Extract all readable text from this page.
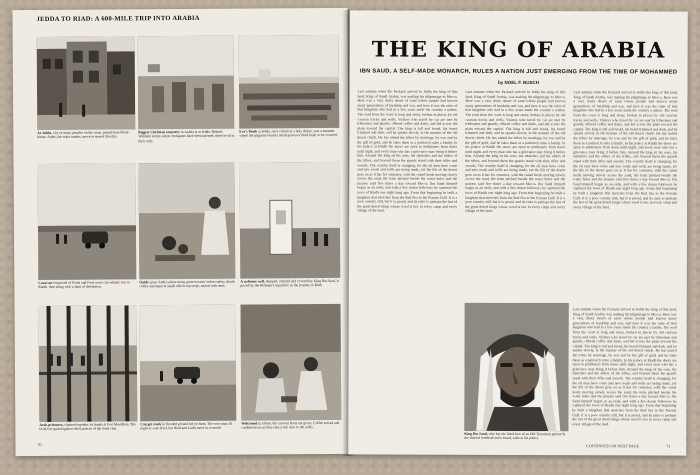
JEDDA TO RIAD: A 600-MILE TRIP INTO ARABIA
At Jedda, city of many peoples on the coast, people here blend hither. Arabs, the main traders, move to streets like this.
Biggest Christian cemetery in Arabia is at Jedda. Behind, Wahhabi stones where foreigners have been interred, these local in their cells.
Eve's Tomb at Jedda, once closed as a holy shrine, was a moment where the pilgrims found a small prison of dead built, to be covered.
Caravan composed of Fords and Ford cross city-wheels city to Riadh, then along took a faint of desolation.
Guide (your Arab) whose many protectorates' orders safety, drank coffee and squat at small which trip stops, mixed with tents.
A welcome well, dumped, resisted and covered by King Ibn Saud, is prized by the Bedouin's sepulchre as the journey to Riad.
Arab prisoners, chained together, sit hands at Fort Murabbaa. The local fort guard against rebel princes of the Saud clan.
Can get stuck in flooded ground led on farm. The wise man all night to wait-level, but Riad and Ludis more in to mend.
Welcomed in Jabrin, the caravan hosts are given. Coffee served and cardamom tea as they take a rest next to the wells.
70
THE KING OF ARABIA
IBN SAUD, A SELF-MADE MONARCH, RULES A NATION JUST EMERGING FROM THE TIME OF MOHAMMED
by NOEL F. BUSCH
Last autumn when the Packard arrived in Jedda the king of this land, King of Saudi Arabia, was making his pilgrimage to Mecca. Here was a vast, dusty desert of sand whose people had known many generations of hardship and war, and here it was the ruler of that kingdom who had in a few years made his country a nation. The road from the coast is long and stony, broken in places by old caravan tracks and wells. Visitors who travel by car are met by tribesmen and guards, offered coffee and dates, and led across the plain toward the capital. The king is tall and broad, his beard trimmed and dark, and he speaks slowly, in the manner of the old desert chiefs. He has united the tribes by marriage, by war and by the gift of gold, and he rules them as a patriarch rules a family. In his palace at Riadh the doors are open to petitioners from dawn until night, and every man who has a grievance may bring it before him. Around the king sit his sons, his ministers and the elders of the tribes, and beyond them the guards stand with their rifles and swords. The country itself is changing, for the oil men have come and new roads and wells are being made, yet the life of the desert goes on as it has for centuries, with the camel herds moving slowly across the sand, the tents pitched beside the water holes and the prayers said five times a day toward Mecca. Ibn Saud himself began as an exile, and with a few dozen followers he captured the town of Riadh one night long ago. From that beginning he built a kingdom that stretches from the Red Sea to the Persian Gulf. It is a poor country still, but it is proud, and its ruler is perhaps the last of the great desert kings whose word is law in every camp and every village of the land.
Last autumn when the Packard arrived in Jedda the king of this land, King of Saudi Arabia, was making his pilgrimage to Mecca. Here was a vast, dusty desert of sand whose people had known many generations of hardship and war, and here it was the ruler of that kingdom who had in a few years made his country a nation. The road from the coast is long and stony, broken in places by old caravan tracks and wells. Visitors who travel by car are met by tribesmen and guards, offered coffee and dates, and led across the plain toward the capital. The king is tall and broad, his beard trimmed and dark, and he speaks slowly, in the manner of the old desert chiefs. He has united the tribes by marriage, by war and by the gift of gold, and he rules them as a patriarch rules a family. In his palace at Riadh the doors are open to petitioners from dawn until night, and every man who has a grievance may bring it before him. Around the king sit his sons, his ministers and the elders of the tribes, and beyond them the guards stand with their rifles and swords. The country itself is changing, for the oil men have come and new roads and wells are being made, yet the life of the desert goes on as it has for centuries, with the camel herds moving slowly across the sand, the tents pitched beside the water holes and the prayers said five times a day toward Mecca. Ibn Saud himself began as an exile, and with a few dozen followers he captured the town of Riadh one night long ago. From that beginning he built a kingdom that stretches from the Red Sea to the Persian Gulf. It is a poor country still, but it is proud, and its ruler is perhaps the last of the great desert kings whose word is law in every camp and every village of the land.
Last autumn when the Packard arrived in Jedda the king of this land, King of Saudi Arabia, was making his pilgrimage to Mecca. Here was a vast, dusty desert of sand whose people had known many generations of hardship and war, and here it was the ruler of that kingdom who had in a few years made his country a nation. The road from the coast is long and stony, broken in places by old caravan tracks and wells. Visitors who travel by car are met by tribesmen and guards, offered coffee and dates, and led across the plain toward the capital. The king is tall and broad, his beard trimmed and dark, and he speaks slowly, in the manner of the old desert chiefs. He has united the tribes by marriage, by war and by the gift of gold, and he rules them as a patriarch rules a family. In his palace at Riadh the doors are open to petitioners from dawn until night, and every man who has a grievance may bring it before him. Around the king sit his sons, his ministers and the elders of the tribes, and beyond them the guards stand with their rifles and swords. The country itself is changing, for the oil men have come and new roads and wells are being made, yet the life of the desert goes on as it has for centuries, with the camel herds moving slowly across the sand, the tents pitched beside the water holes and the prayers said five times a day toward Mecca. Ibn Saud himself began as an exile, and with a few dozen followers he captured the town of Riadh one night long ago. From that beginning he built a kingdom that stretches from the Red Sea to the Persian Gulf. It is a poor country still, but it is proud, and its ruler is perhaps the last of the great desert kings whose word is law in every camp and every village of the land.
Last autumn when the Packard arrived in Jedda the king of this land, King of Saudi Arabia, was making his pilgrimage to Mecca. Here was a vast, dusty desert of sand whose people had known many generations of hardship and war, and here it was the ruler of that kingdom who had in a few years made his country a nation. The road from the coast is long and stony, broken in places by old caravan tracks and wells. Visitors who travel by car are met by tribesmen and guards, offered coffee and dates, and led across the plain toward the capital. The king is tall and broad, his beard trimmed and dark, and he speaks slowly, in the manner of the old desert chiefs. He has united the tribes by marriage, by war and by the gift of gold, and he rules them as a patriarch rules a family. In his palace at Riadh the doors are open to petitioners from dawn until night, and every man who has a grievance may bring it before him. Around the king sit his sons, his ministers and the elders of the tribes, and beyond them the guards stand with their rifles and swords. The country itself is changing, for the oil men have come and new roads and wells are being made, yet the life of the desert goes on as it has for centuries, with the camel herds moving slowly across the sand, the tents pitched beside the water holes and the prayers said five times a day toward Mecca. Ibn Saud himself began as an exile, and with a few dozen followers he captured the town of Riadh one night long ago. From that beginning he built a kingdom that stretches from the Red Sea to the Persian Gulf. It is a poor country still, but it is proud, and its ruler is perhaps the last of the great desert kings whose word is law in every camp and every village of the land.
King Ibn Saud, who has the lined face of an Old Testament patriarch, the shrewd forehead and a beard, rules at his palace.
CONTINUED ON NEXT PAGE	71
